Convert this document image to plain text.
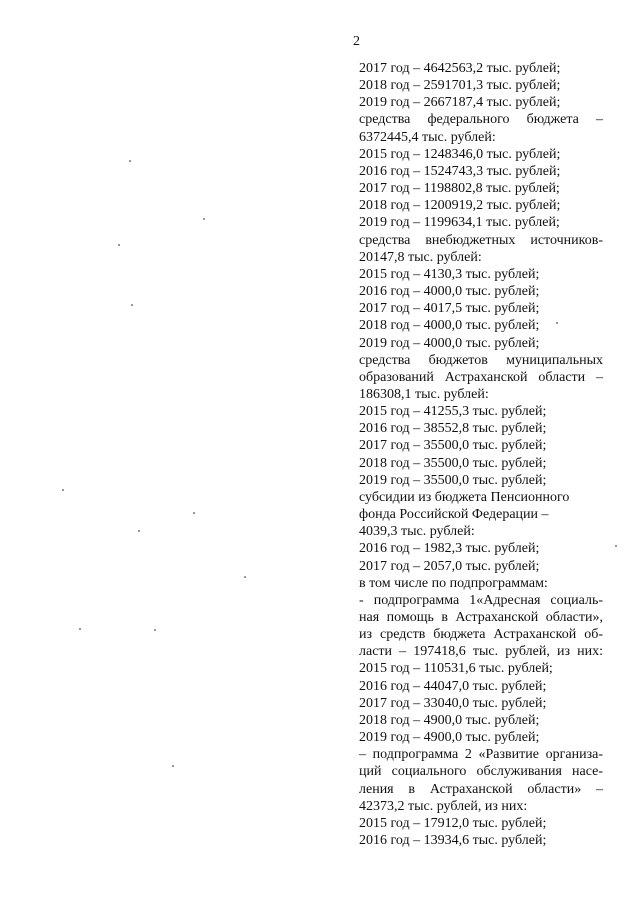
2
2017 год – 4642563,2 тыс. рублей;
2018 год – 2591701,3 тыс. рублей;
2019 год – 2667187,4 тыс. рублей;
средства федерального бюджета –
6372445,4 тыс. рублей:
2015 год – 1248346,0 тыс. рублей;
2016 год – 1524743,3 тыс. рублей;
2017 год – 1198802,8 тыс. рублей;
2018 год – 1200919,2 тыс. рублей;
2019 год – 1199634,1 тыс. рублей;
средства внебюджетных источников-
20147,8 тыс. рублей:
2015 год – 4130,3 тыс. рублей;
2016 год – 4000,0 тыс. рублей;
2017 год – 4017,5 тыс. рублей;
2018 год – 4000,0 тыс. рублей;
2019 год – 4000,0 тыс. рублей;
средства бюджетов муниципальных
образований Астраханской области –
186308,1 тыс. рублей:
2015 год – 41255,3 тыс. рублей;
2016 год – 38552,8 тыс. рублей;
2017 год – 35500,0 тыс. рублей;
2018 год – 35500,0 тыс. рублей;
2019 год – 35500,0 тыс. рублей;
субсидии из бюджета Пенсионного
фонда Российской Федерации –
4039,3 тыс. рублей:
2016 год – 1982,3 тыс. рублей;
2017 год – 2057,0 тыс. рублей;
в том числе по подпрограммам:
- подпрограмма 1«Адресная социаль-
ная помощь в Астраханской области»,
из средств бюджета Астраханской об-
ласти – 197418,6 тыс. рублей, из них:
2015 год – 110531,6 тыс. рублей;
2016 год – 44047,0 тыс. рублей;
2017 год – 33040,0 тыс. рублей;
2018 год – 4900,0 тыс. рублей;
2019 год – 4900,0 тыс. рублей;
– подпрограмма 2 «Развитие организа-
ций социального обслуживания насе-
ления в Астраханской области» –
42373,2 тыс. рублей, из них:
2015 год – 17912,0 тыс. рублей;
2016 год – 13934,6 тыс. рублей;
